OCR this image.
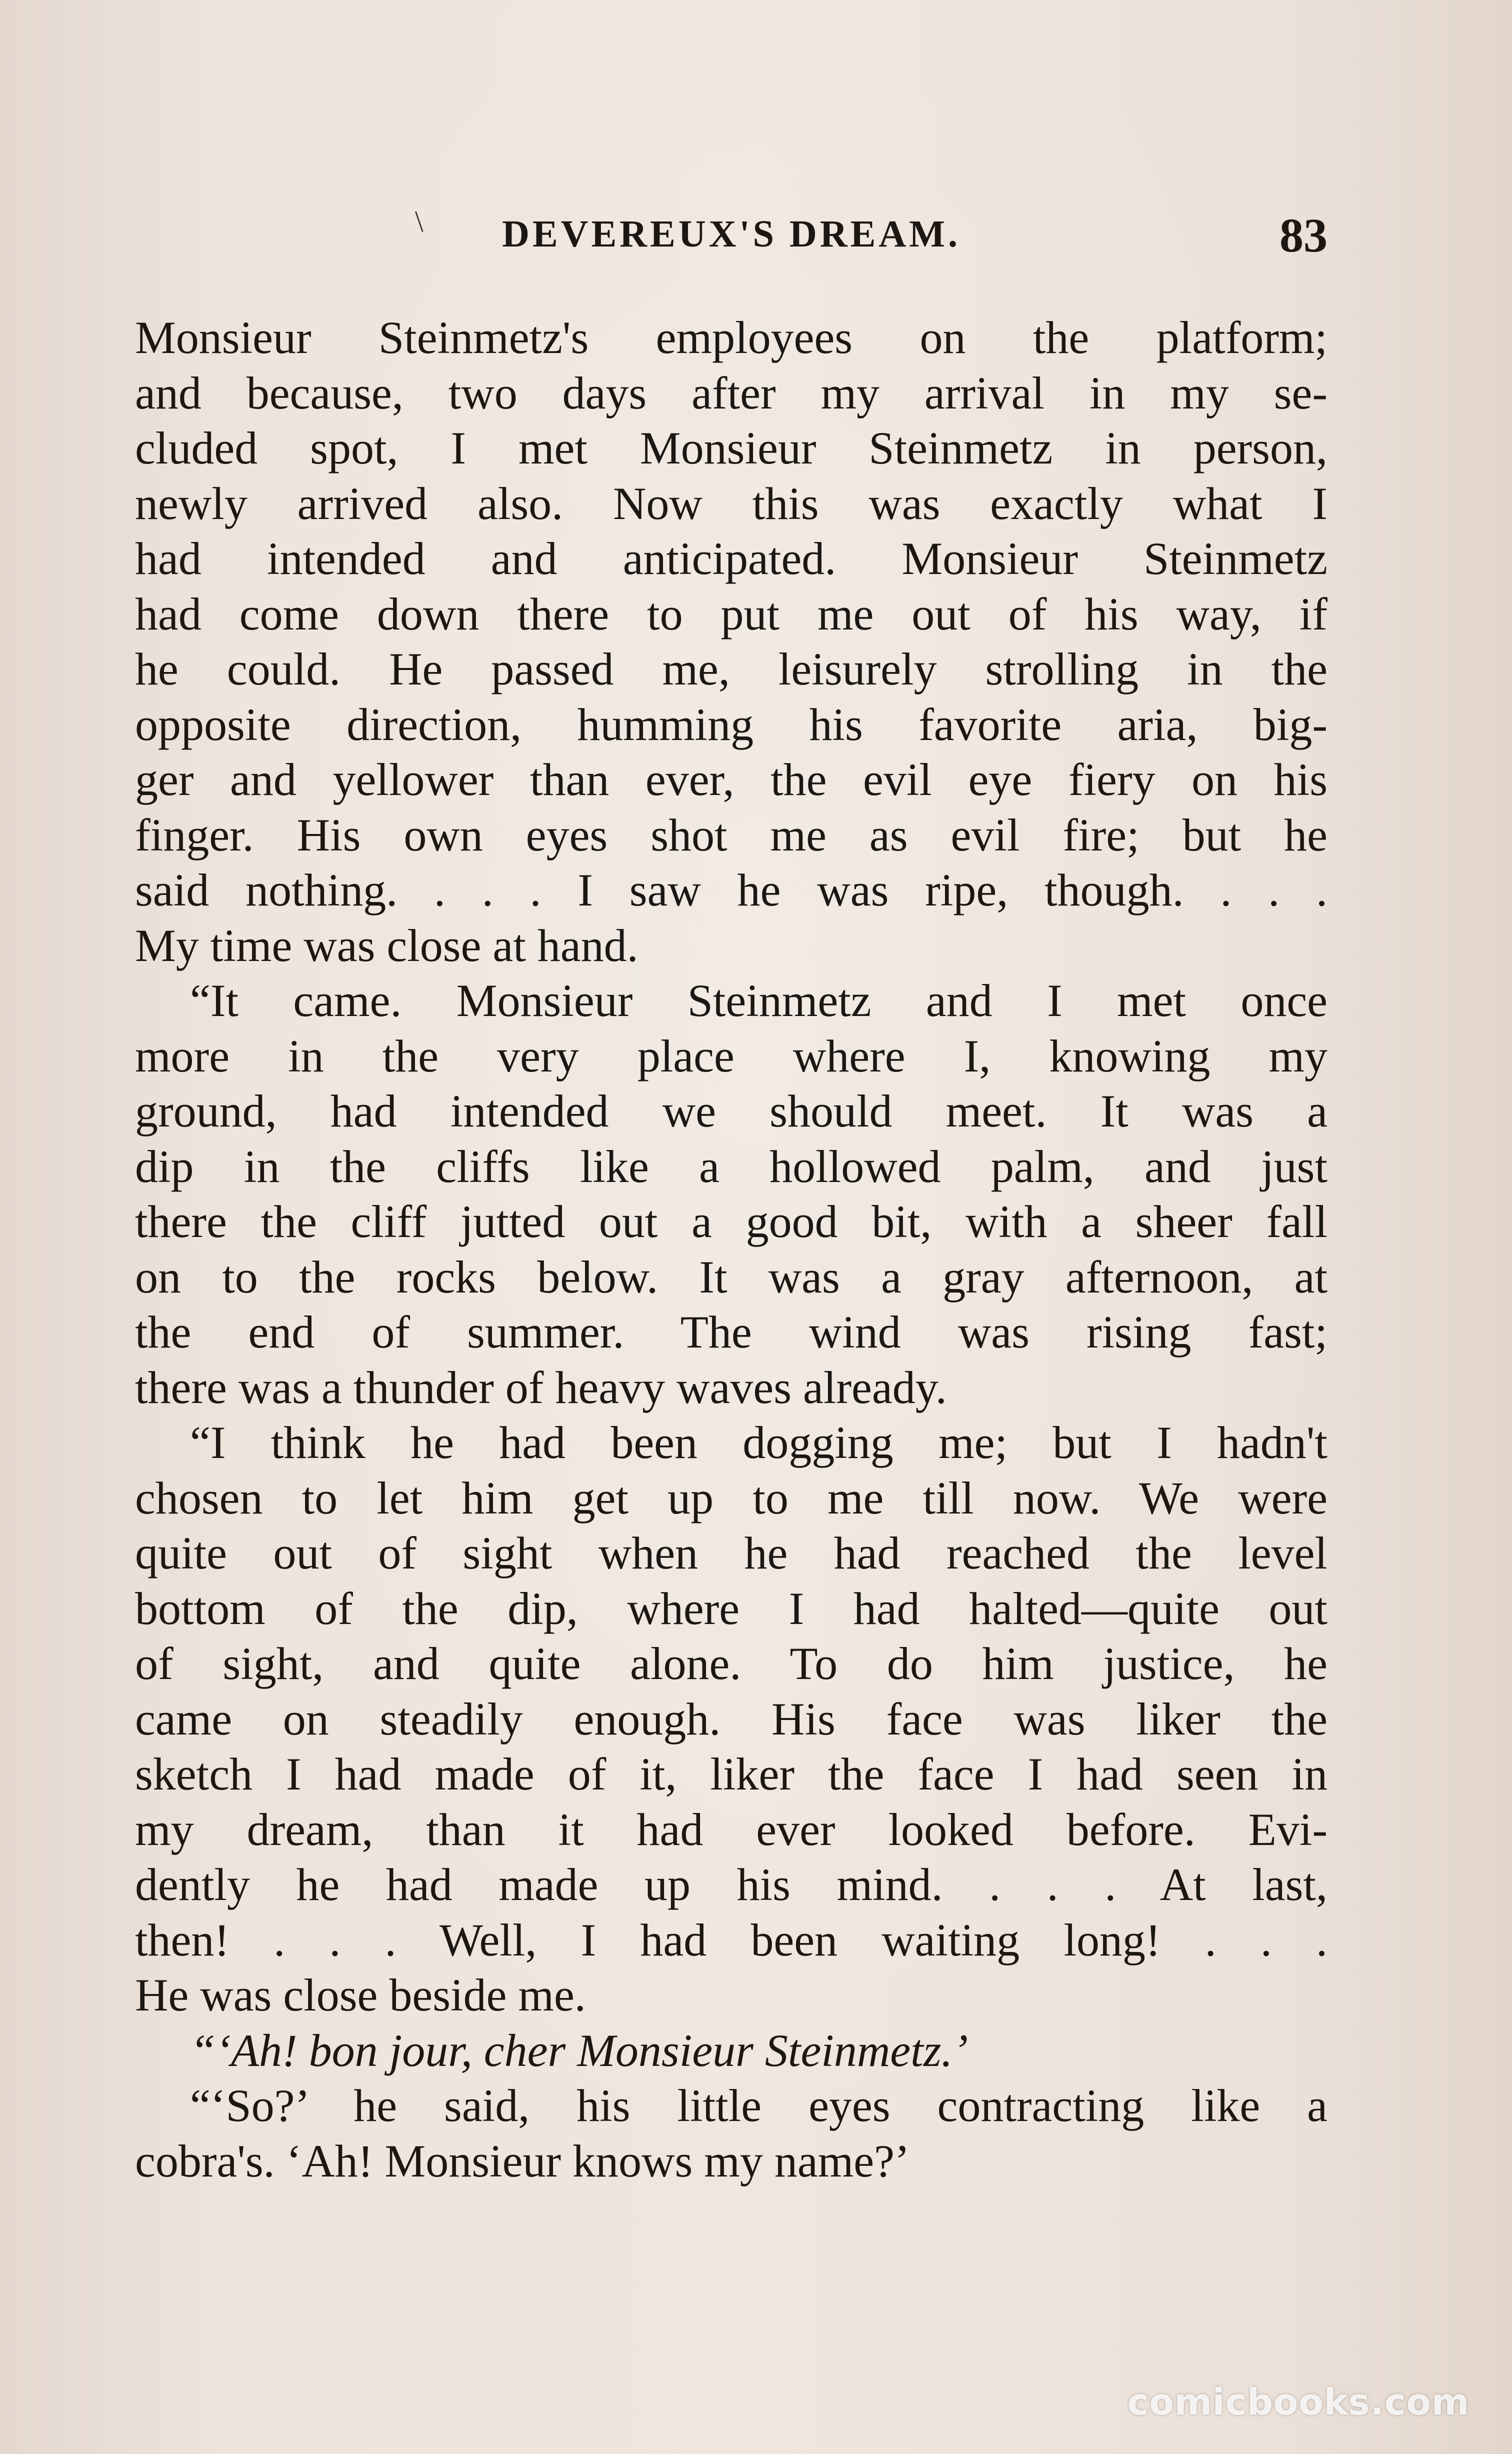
\	DEVEREUX'S DREAM.	83
Monsieur Steinmetz's employees on the platform;
and because, two days after my arrival in my se-
cluded spot, I met Monsieur Steinmetz in person,
newly arrived also. Now this was exactly what I
had intended and anticipated. Monsieur Steinmetz
had come down there to put me out of his way, if
he could. He passed me, leisurely strolling in the
opposite direction, humming his favorite aria, big-
ger and yellower than ever, the evil eye fiery on his
finger. His own eyes shot me as evil fire; but he
said nothing. . . . I saw he was ripe, though. . . .
My time was close at hand.
“It came. Monsieur Steinmetz and I met once
more in the very place where I, knowing my
ground, had intended we should meet. It was a
dip in the cliffs like a hollowed palm, and just
there the cliff jutted out a good bit, with a sheer fall
on to the rocks below. It was a gray afternoon, at
the end of summer. The wind was rising fast;
there was a thunder of heavy waves already.
“I think he had been dogging me; but I hadn't
chosen to let him get up to me till now. We were
quite out of sight when he had reached the level
bottom of the dip, where I had halted—quite out
of sight, and quite alone. To do him justice, he
came on steadily enough. His face was liker the
sketch I had made of it, liker the face I had seen in
my dream, than it had ever looked before. Evi-
dently he had made up his mind. . . . At last,
then! . . . Well, I had been waiting long! . . .
He was close beside me.
“‘Ah! bon jour, cher Monsieur Steinmetz.’
“‘So?’ he said, his little eyes contracting like a
cobra's. ‘Ah! Monsieur knows my name?’
comicbooks.com
